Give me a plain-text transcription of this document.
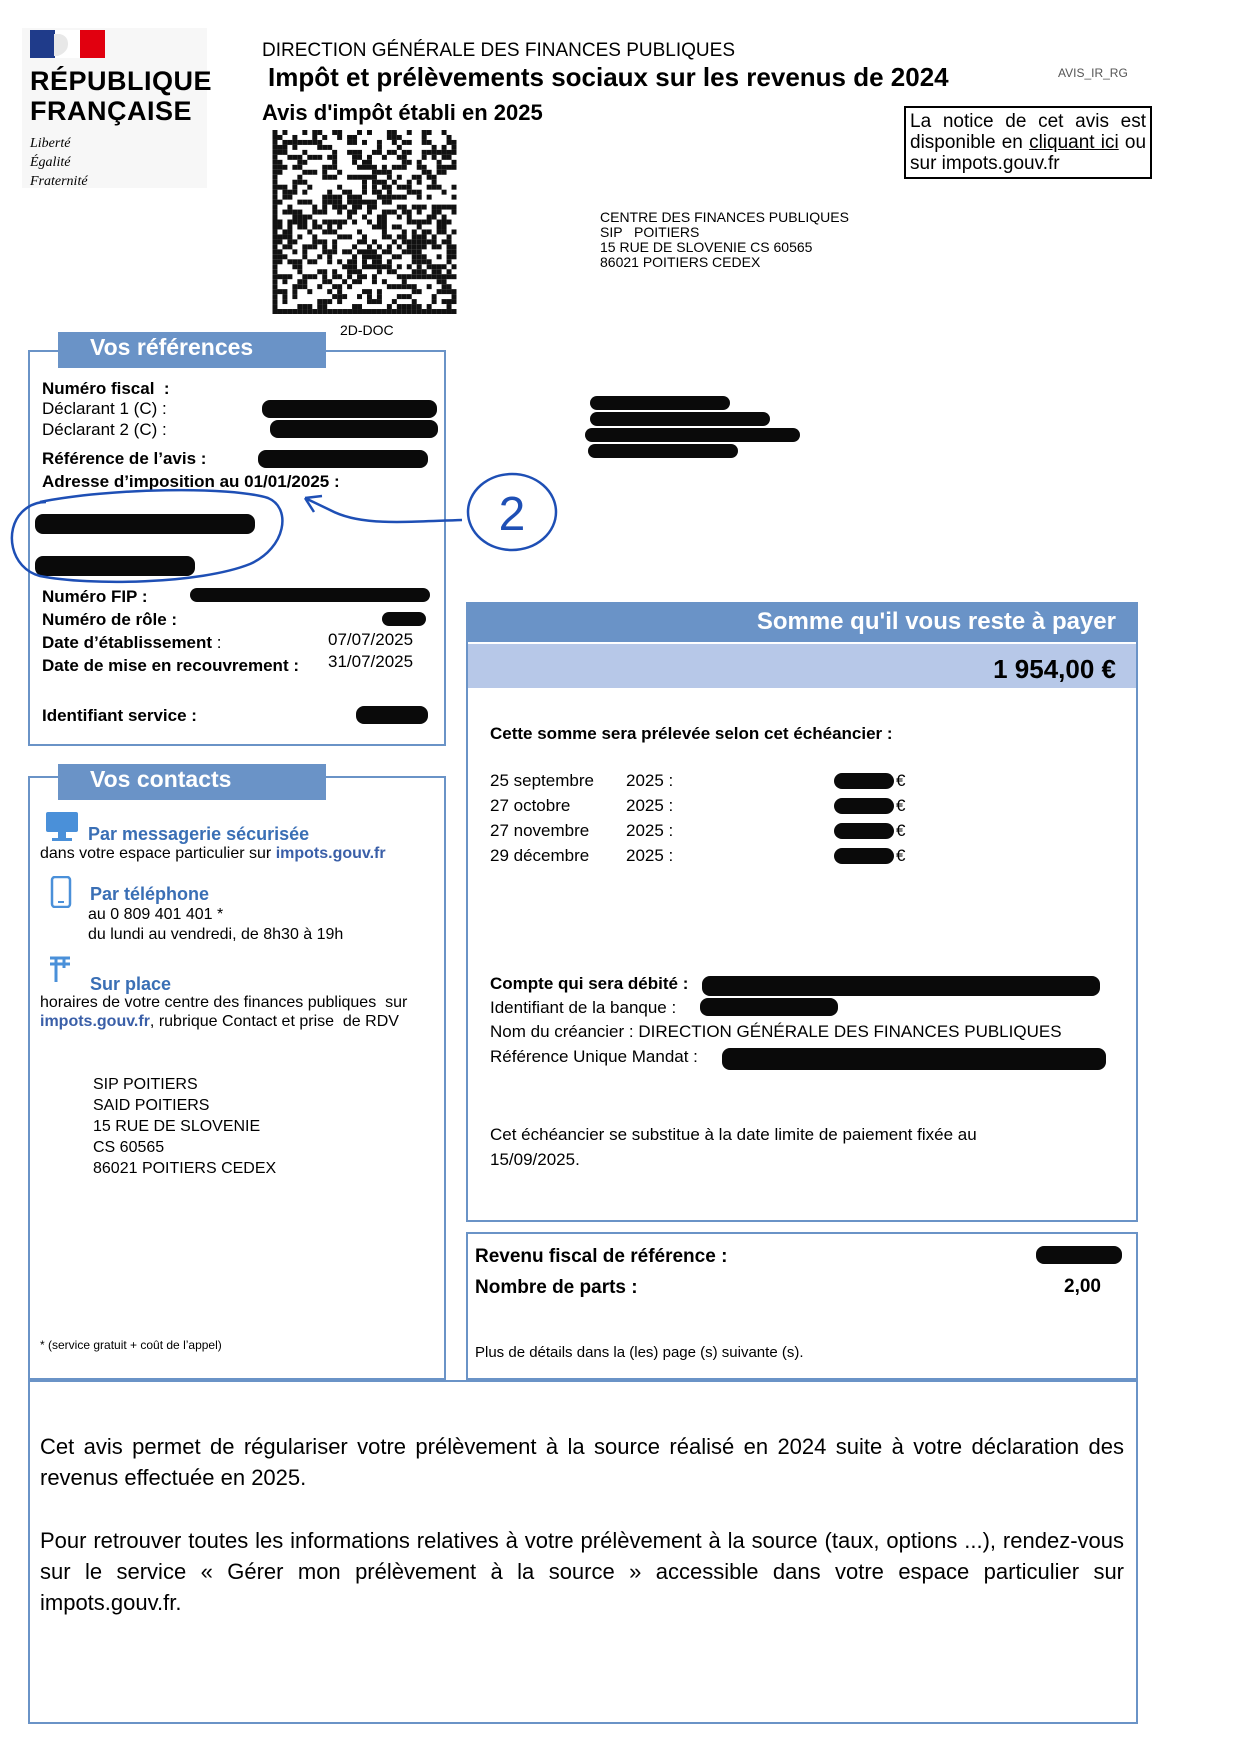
RÉPUBLIQUE
FRANÇAISE
Liberté
Égalité
Fraternité
DIRECTION GÉNÉRALE DES FINANCES PUBLIQUES
Impôt et prélèvements sociaux sur les revenus de 2024	AVIS_IR_RG
Avis d'impôt établi en 2025	La notice de cet avis est disponible en cliquant ici ou sur impots.gouv.fr
2D-DOC
CENTRE DES FINANCES PUBLIQUES
SIP   POITIERS
15 RUE DE SLOVENIE CS 60565
86021 POITIERS CEDEX
Vos références
Numéro fiscal  :
Déclarant 1 (C) :
Déclarant 2 (C) :
Référence de l’avis :
Adresse d’imposition au 01/01/2025 :
Numéro FIP :
Numéro de rôle :
Date d’établissement :	07/07/2025
Date de mise en recouvrement : 31/07/2025
Identifiant service :
2
Vos contacts
Par messagerie sécurisée
dans votre espace particulier sur impots.gouv.fr
Par téléphone
au 0 809 401 401 *
du lundi au vendredi, de 8h30 à 19h
Sur place
horaires de votre centre des finances publiques  sur
impots.gouv.fr, rubrique Contact et prise  de RDV
SIP POITIERS
SAID POITIERS
15 RUE DE SLOVENIE
CS 60565
86021 POITIERS CEDEX
* (service gratuit + coût de l’appel)
Somme qu'il vous reste à payer
1 954,00 €
Cette somme sera prélevée selon cet échéancier :
25 septembre 2025 :	€
27 octobre	2025 :	€
27 novembre 2025 :	€
29 décembre 2025 :	€
Compte qui sera débité :
Identifiant de la banque :
Nom du créancier : DIRECTION GÉNÉRALE DES FINANCES PUBLIQUES
Référence Unique Mandat :
Cet échéancier se substitue à la date limite de paiement fixée au 15/09/2025.
Revenu fiscal de référence :
Nombre de parts :	2,00
Plus de détails dans la (les) page (s) suivante (s).
Cet avis permet de régulariser votre prélèvement à la source réalisé en 2024 suite à votre déclaration des revenus effectuée en 2025.
Pour retrouver toutes les informations relatives à votre prélèvement à la source (taux, options ...), rendez-vous sur le service « Gérer mon prélèvement à la source » accessible dans votre espace particulier sur impots.gouv.fr.
